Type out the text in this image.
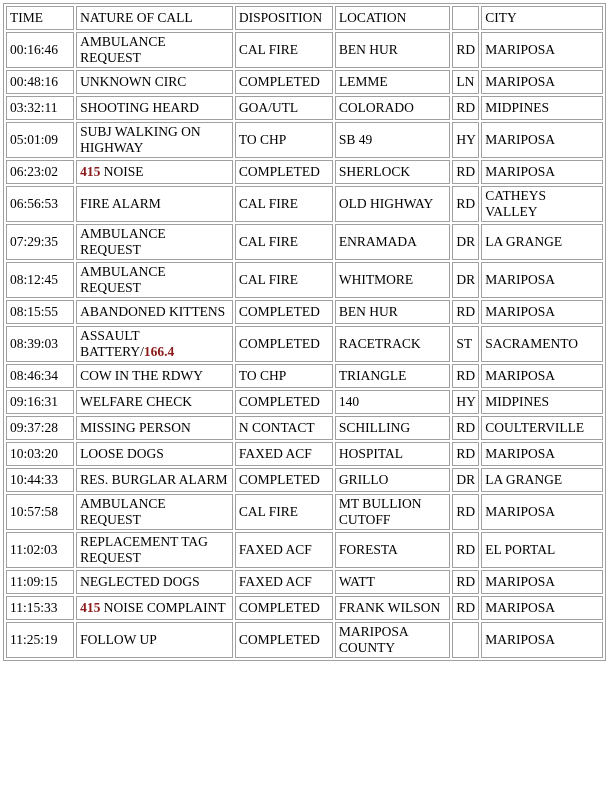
TIME	NATURE OF CALL	DISPOSITION	LOCATION		CITY
00:16:46	AMBULANCE REQUEST	CAL FIRE	BEN HUR	RD	MARIPOSA
00:48:16	UNKNOWN CIRC	COMPLETED	LEMME	LN	MARIPOSA
03:32:11	SHOOTING HEARD	GOA/UTL	COLORADO	RD	MIDPINES
05:01:09	SUBJ WALKING ON HIGHWAY	TO CHP	SB 49	HY	MARIPOSA
06:23:02	415 NOISE	COMPLETED	SHERLOCK	RD	MARIPOSA
06:56:53	FIRE ALARM	CAL FIRE	OLD HIGHWAY	RD	CATHEYS VALLEY
07:29:35	AMBULANCE REQUEST	CAL FIRE	ENRAMADA	DR	LA GRANGE
08:12:45	AMBULANCE REQUEST	CAL FIRE	WHITMORE	DR	MARIPOSA
08:15:55	ABANDONED KITTENS	COMPLETED	BEN HUR	RD	MARIPOSA
08:39:03	ASSAULT BATTERY/166.4	COMPLETED	RACETRACK	ST	SACRAMENTO
08:46:34	COW IN THE RDWY	TO CHP	TRIANGLE	RD	MARIPOSA
09:16:31	WELFARE CHECK	COMPLETED	140	HY	MIDPINES
09:37:28	MISSING PERSON	N CONTACT	SCHILLING	RD	COULTERVILLE
10:03:20	LOOSE DOGS	FAXED ACF	HOSPITAL	RD	MARIPOSA
10:44:33	RES. BURGLAR ALARM	COMPLETED	GRILLO	DR	LA GRANGE
10:57:58	AMBULANCE REQUEST	CAL FIRE	MT BULLION CUTOFF	RD	MARIPOSA
11:02:03	REPLACEMENT TAG REQUEST	FAXED ACF	FORESTA	RD	EL PORTAL
11:09:15	NEGLECTED DOGS	FAXED ACF	WATT	RD	MARIPOSA
11:15:33	415 NOISE COMPLAINT	COMPLETED	FRANK WILSON	RD	MARIPOSA
11:25:19	FOLLOW UP	COMPLETED	MARIPOSA COUNTY		MARIPOSA
